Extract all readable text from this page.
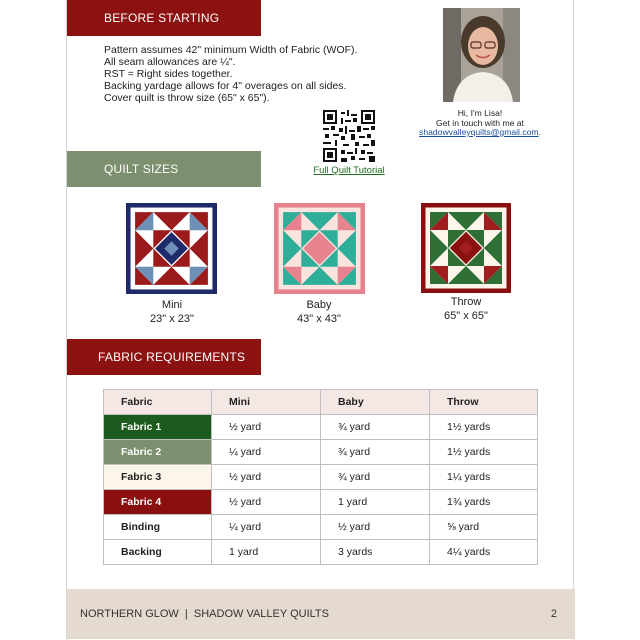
BEFORE STARTING
Pattern assumes 42" minimum Width of Fabric (WOF).
All seam allowances are ¼".
RST = Right sides together.
Backing yardage allows for 4" overages on all sides.
Cover quilt is throw size (65" x 65").
Hi, I'm Lisa!
Get in touch with me at
shadowvalleyquilts@gmail.com.
Full Quilt Tutorial
QUILT SIZES
Mini
23" x 23"
Baby
43" x 43"
Throw
65" x 65"
FABRIC REQUIREMENTS
Fabric	Mini	Baby	Throw
Fabric 1	½ yard	¾ yard	1½ yards
Fabric 2	¼ yard	¾ yard	1½ yards
Fabric 3	½ yard	¾ yard	1¼ yards
Fabric 4	½ yard	1 yard	1¾ yards
Binding	¼ yard	½ yard	⅝ yard
Backing	1 yard	3 yards	4¼ yards
NORTHERN GLOW  |  SHADOW VALLEY QUILTS	2
